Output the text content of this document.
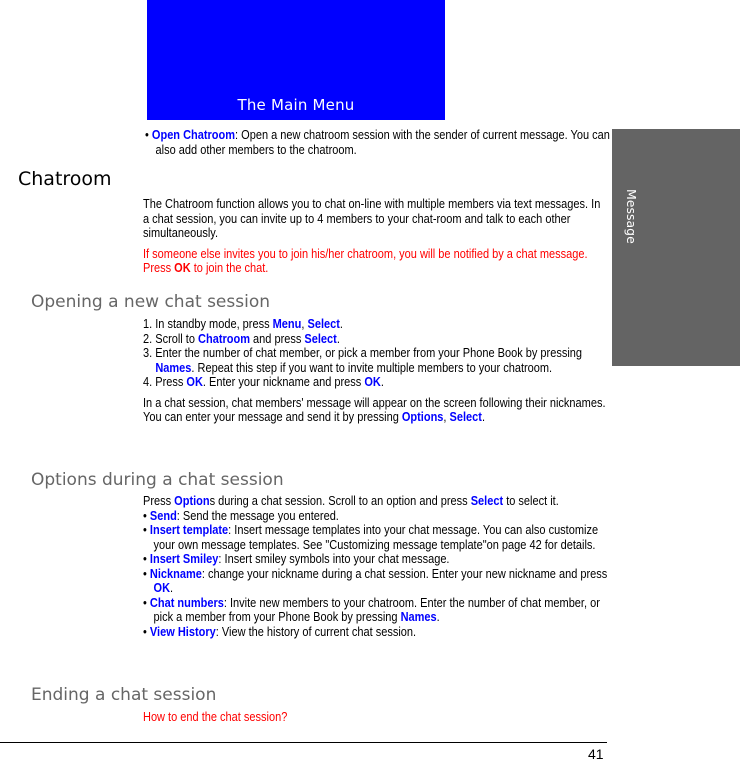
The Main Menu
Message

• Open Chatroom: Open a new chatroom session with the sender of current message. You can also add other members to the chatroom.

Chatroom

The Chatroom function allows you to chat on-line with multiple members via text messages. In a chat session, you can invite up to 4 members to your chat-room and talk to each other simultaneously.

If someone else invites you to join his/her chatroom, you will be notified by a chat message. Press OK to join the chat.

Opening a new chat session

1. In standby mode, press Menu, Select.

2. Scroll to Chatroom and press Select.

3. Enter the number of chat member, or pick a member from your Phone Book by pressing Names. Repeat this step if you want to invite multiple members to your chatroom.

4. Press OK. Enter your nickname and press OK.

In a chat session, chat members' message will appear on the screen following their nicknames. You can enter your message and send it by pressing Options, Select.

Options during a chat session

Press Options during a chat session. Scroll to an option and press Select to select it.

• Send: Send the message you entered.

• Insert template: Insert message templates into your chat message. You can also customize your own message templates. See "Customizing message template"on page 42 for details.

• Insert Smiley: Insert smiley symbols into your chat message.

• Nickname: change your nickname during a chat session. Enter your new nickname and press OK.

• Chat numbers: Invite new members to your chatroom. Enter the number of chat member, or pick a member from your Phone Book by pressing Names.

• View History: View the history of current chat session.

Ending a chat session
How to end the chat session?
41
